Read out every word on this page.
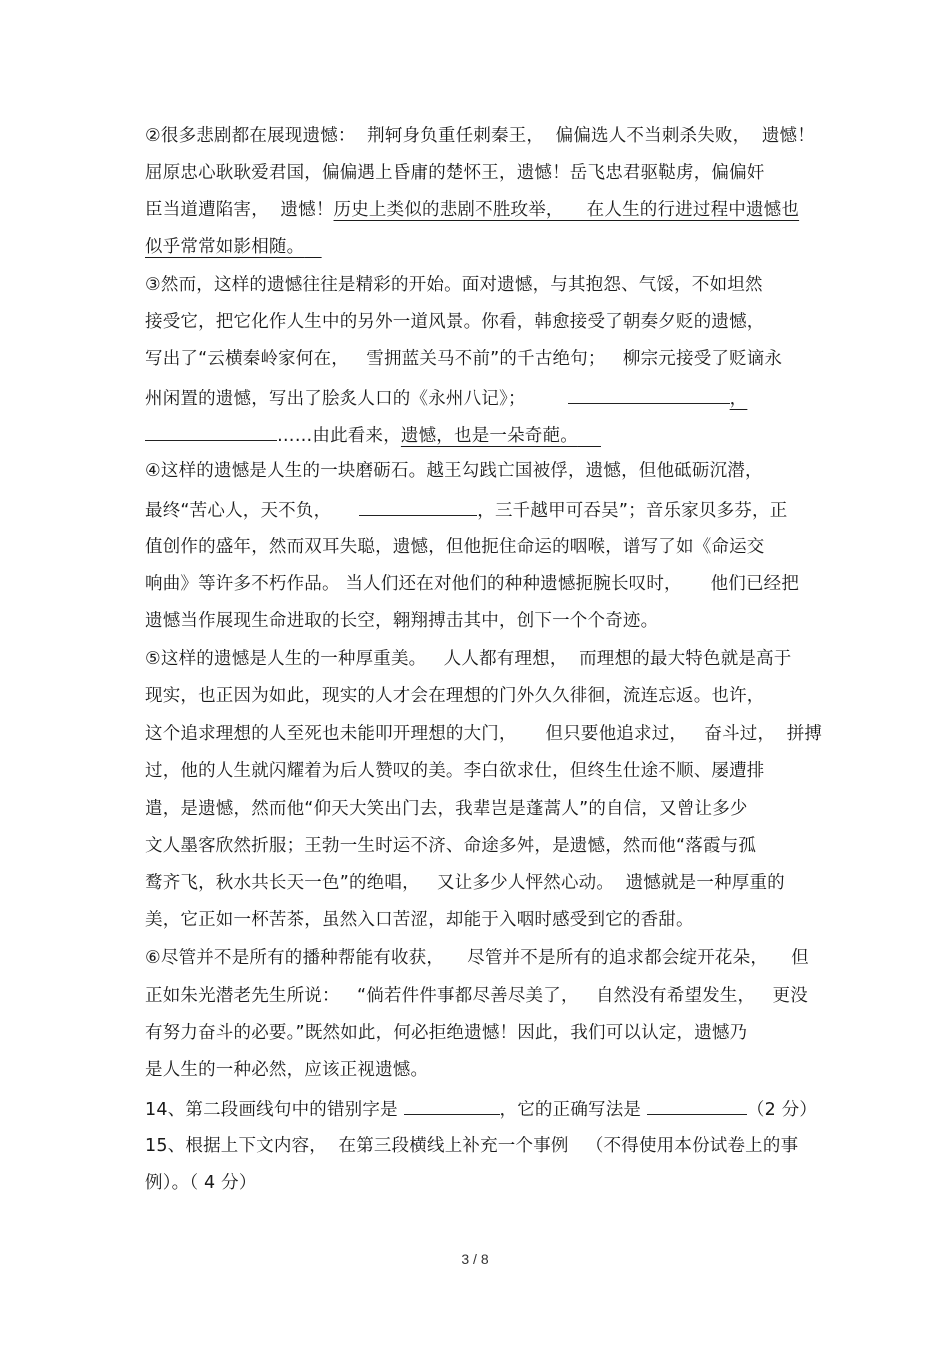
②很多悲剧都在展现遗憾：  荆轲身负重任刺秦王，  偏偏选人不当刺杀失败，  遗憾！
屈原忠心耿耿爱君国，偏偏遇上昏庸的楚怀王，遗憾！岳飞忠君驱鞑虏，偏偏奸
臣当道遭陷害，  遗憾！历史上类似的悲剧不胜玫举，    在人生的行进过程中遗憾也
似乎常常如影相随。
③然而，这样的遗憾往往是精彩的开始。面对遗憾，与其抱怨、气馁，不如坦然
接受它，把它化作人生中的另外一道风景。你看，韩愈接受了朝奏夕贬的遗憾，
写出了“云横秦岭家何在，   雪拥蓝关马不前”的千古绝句；   柳宗元接受了贬谪永
州闲置的遗憾，写出了脍炙人口的《永州八记》；	，
……由此看来，遗憾，也是一朵奇葩。
④这样的遗憾是人生的一块磨砺石。越王勾践亡国被俘，遗憾，但他砥砺沉潜，
最终“苦心人，天不负，	，三千越甲可吞吴”；音乐家贝多芬，正
值创作的盛年，然而双耳失聪，遗憾，但他扼住命运的咽喉，谱写了如《命运交
响曲》等许多不朽作品。 当人们还在对他们的种种遗憾扼腕长叹时，     他们已经把
遗憾当作展现生命进取的长空，翱翔搏击其中，创下一个个奇迹。
⑤这样的遗憾是人生的一种厚重美。   人人都有理想，  而理想的最大特色就是高于
现实，也正因为如此，现实的人才会在理想的门外久久徘徊，流连忘返。也许，
这个追求理想的人至死也未能叩开理想的大门，     但只要他追求过，   奋斗过，  拼搏
过，他的人生就闪耀着为后人赞叹的美。李白欲求仕，但终生仕途不顺、屡遭排
遣，是遗憾，然而他“仰天大笑出门去，我辈岂是蓬蒿人”的自信，又曾让多少
文人墨客欣然折服；王勃一生时运不济、命途多舛，是遗憾，然而他“落霞与孤
鹜齐飞，秋水共长天一色”的绝唱，   又让多少人怦然心动。  遗憾就是一种厚重的
美，它正如一杯苦茶，虽然入口苦涩，却能于入咽时感受到它的香甜。
⑥尽管并不是所有的播种帮能有收获，    尽管并不是所有的追求都会绽开花朵，    但
正如朱光潜老先生所说：   “倘若件件事都尽善尽美了，   自然没有希望发生，   更没
有努力奋斗的必要。”既然如此，何必拒绝遗憾！因此，我们可以认定，遗憾乃
是人生的一种必然，应该正视遗憾。
14、第二段画线句中的错别字是	，它的正确写法是	（2 分）
15、根据上下文内容，  在第三段横线上补充一个事例   （不得使用本份试卷上的事
例）。（ 4 分）
3 / 8
